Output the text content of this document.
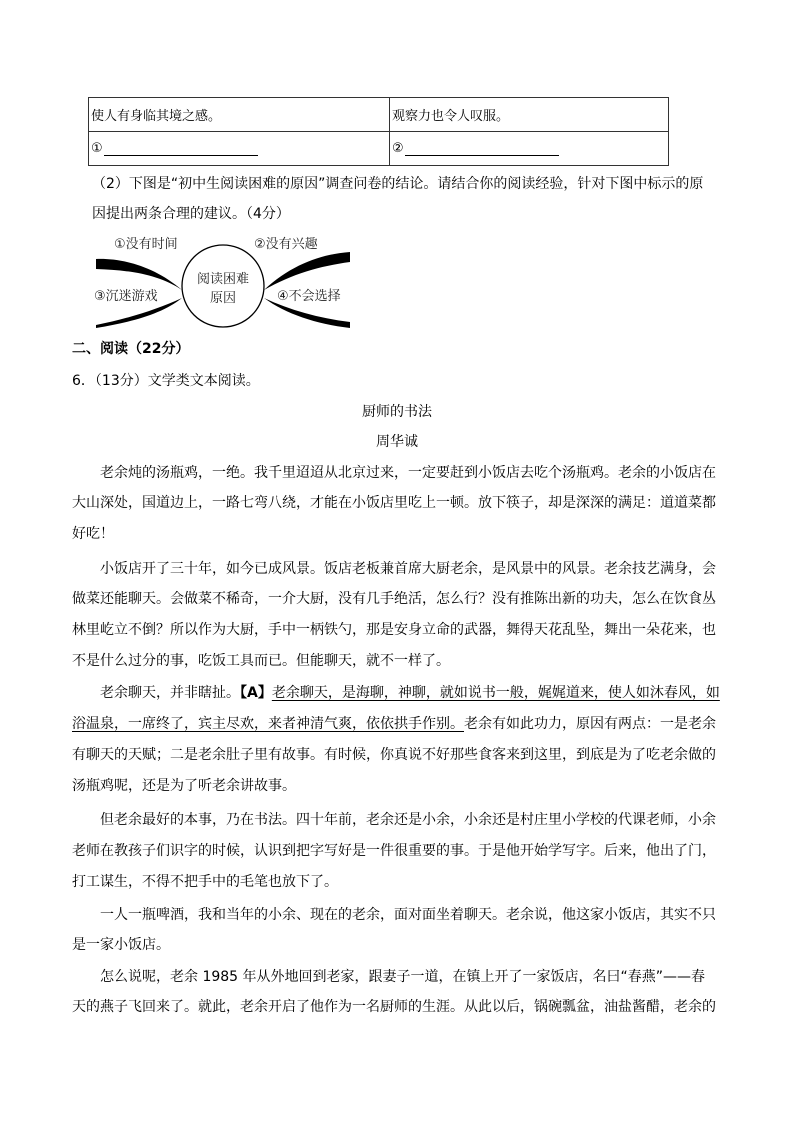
使人有身临其境之感。	观察力也令人叹服。
①	②
（2）下图是“初中生阅读困难的原因”调查问卷的结论。请结合你的阅读经验，针对下图中标示的原
因提出两条合理的建议。（4分）
阅读困难
原因
①没有时间	②没有兴趣
③沉迷游戏	④不会选择
二、阅读（22分）
6．（13分）文学类文本阅读。
厨师的书法
周华诚
老余炖的汤瓶鸡，一绝。我千里迢迢从北京过来，一定要赶到小饭店去吃个汤瓶鸡。老余的小饭店在
大山深处，国道边上，一路七弯八绕，才能在小饭店里吃上一顿。放下筷子，却是深深的满足：道道菜都
好吃！
小饭店开了三十年，如今已成风景。饭店老板兼首席大厨老余，是风景中的风景。老余技艺满身，会
做菜还能聊天。会做菜不稀奇，一介大厨，没有几手绝活，怎么行？没有推陈出新的功夫，怎么在饮食丛
林里屹立不倒？所以作为大厨，手中一柄铁勺，那是安身立命的武器，舞得天花乱坠，舞出一朵花来，也
不是什么过分的事，吃饭工具而已。但能聊天，就不一样了。
老余聊天，并非瞎扯。【A】老余聊天，是海聊，神聊，就如说书一般，娓娓道来，使人如沐春风，如
浴温泉，一席终了，宾主尽欢，来者神清气爽，依依拱手作别。老余有如此功力，原因有两点：一是老余
有聊天的天赋；二是老余肚子里有故事。有时候，你真说不好那些食客来到这里，到底是为了吃老余做的
汤瓶鸡呢，还是为了听老余讲故事。
但老余最好的本事，乃在书法。四十年前，老余还是小余，小余还是村庄里小学校的代课老师，小余
老师在教孩子们识字的时候，认识到把字写好是一件很重要的事。于是他开始学写字。后来，他出了门，
打工谋生，不得不把手中的毛笔也放下了。
一人一瓶啤酒，我和当年的小余、现在的老余，面对面坐着聊天。老余说，他这家小饭店，其实不只
是一家小饭店。
怎么说呢，老余 1985 年从外地回到老家，跟妻子一道，在镇上开了一家饭店，名曰“春燕”——春
天的燕子飞回来了。就此，老余开启了他作为一名厨师的生涯。从此以后，锅碗瓢盆，油盐酱醋，老余的
